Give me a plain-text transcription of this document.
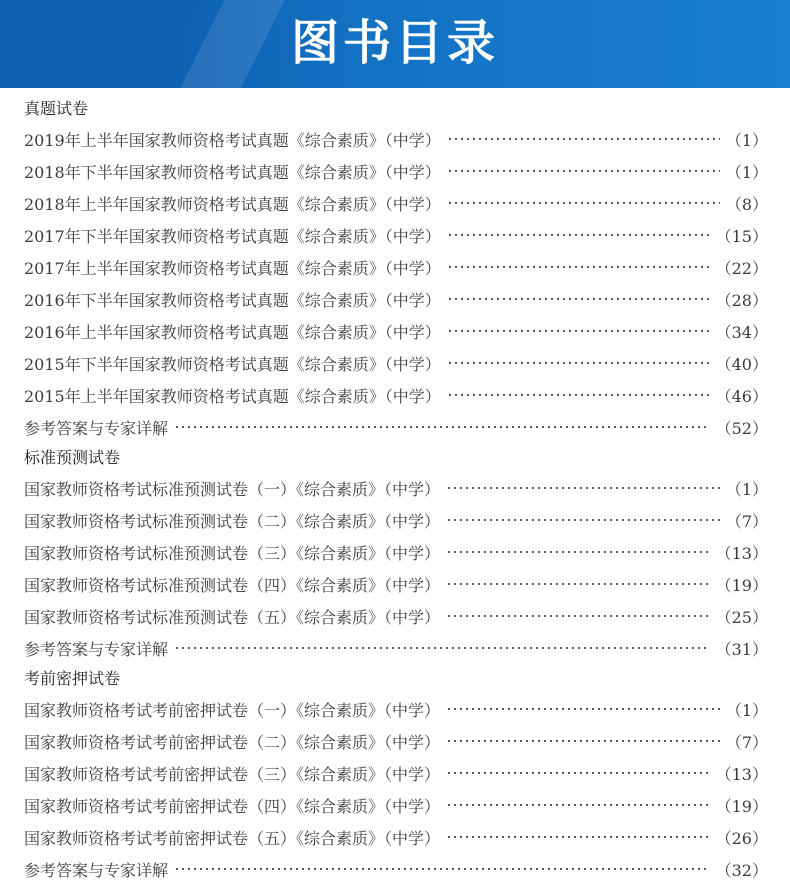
图书目录
真题试卷
2019年上半年国家教师资格考试真题《综合素质》（中学）	（1）
2018年下半年国家教师资格考试真题《综合素质》（中学）	（1）
2018年上半年国家教师资格考试真题《综合素质》（中学）	（8）
2017年下半年国家教师资格考试真题《综合素质》（中学）	（15）
2017年上半年国家教师资格考试真题《综合素质》（中学）	（22）
2016年下半年国家教师资格考试真题《综合素质》（中学）	（28）
2016年上半年国家教师资格考试真题《综合素质》（中学）	（34）
2015年下半年国家教师资格考试真题《综合素质》（中学）	（40）
2015年上半年国家教师资格考试真题《综合素质》（中学）	（46）
参考答案与专家详解	（52）
标准预测试卷
国家教师资格考试标准预测试卷（一）《综合素质》（中学）	（1）
国家教师资格考试标准预测试卷（二）《综合素质》（中学）	（7）
国家教师资格考试标准预测试卷（三）《综合素质》（中学）	（13）
国家教师资格考试标准预测试卷（四）《综合素质》（中学）	（19）
国家教师资格考试标准预测试卷（五）《综合素质》（中学）	（25）
参考答案与专家详解	（31）
考前密押试卷
国家教师资格考试考前密押试卷（一）《综合素质》（中学）	（1）
国家教师资格考试考前密押试卷（二）《综合素质》（中学）	（7）
国家教师资格考试考前密押试卷（三）《综合素质》（中学）	（13）
国家教师资格考试考前密押试卷（四）《综合素质》（中学）	（19）
国家教师资格考试考前密押试卷（五）《综合素质》（中学）	（26）
参考答案与专家详解	（32）
